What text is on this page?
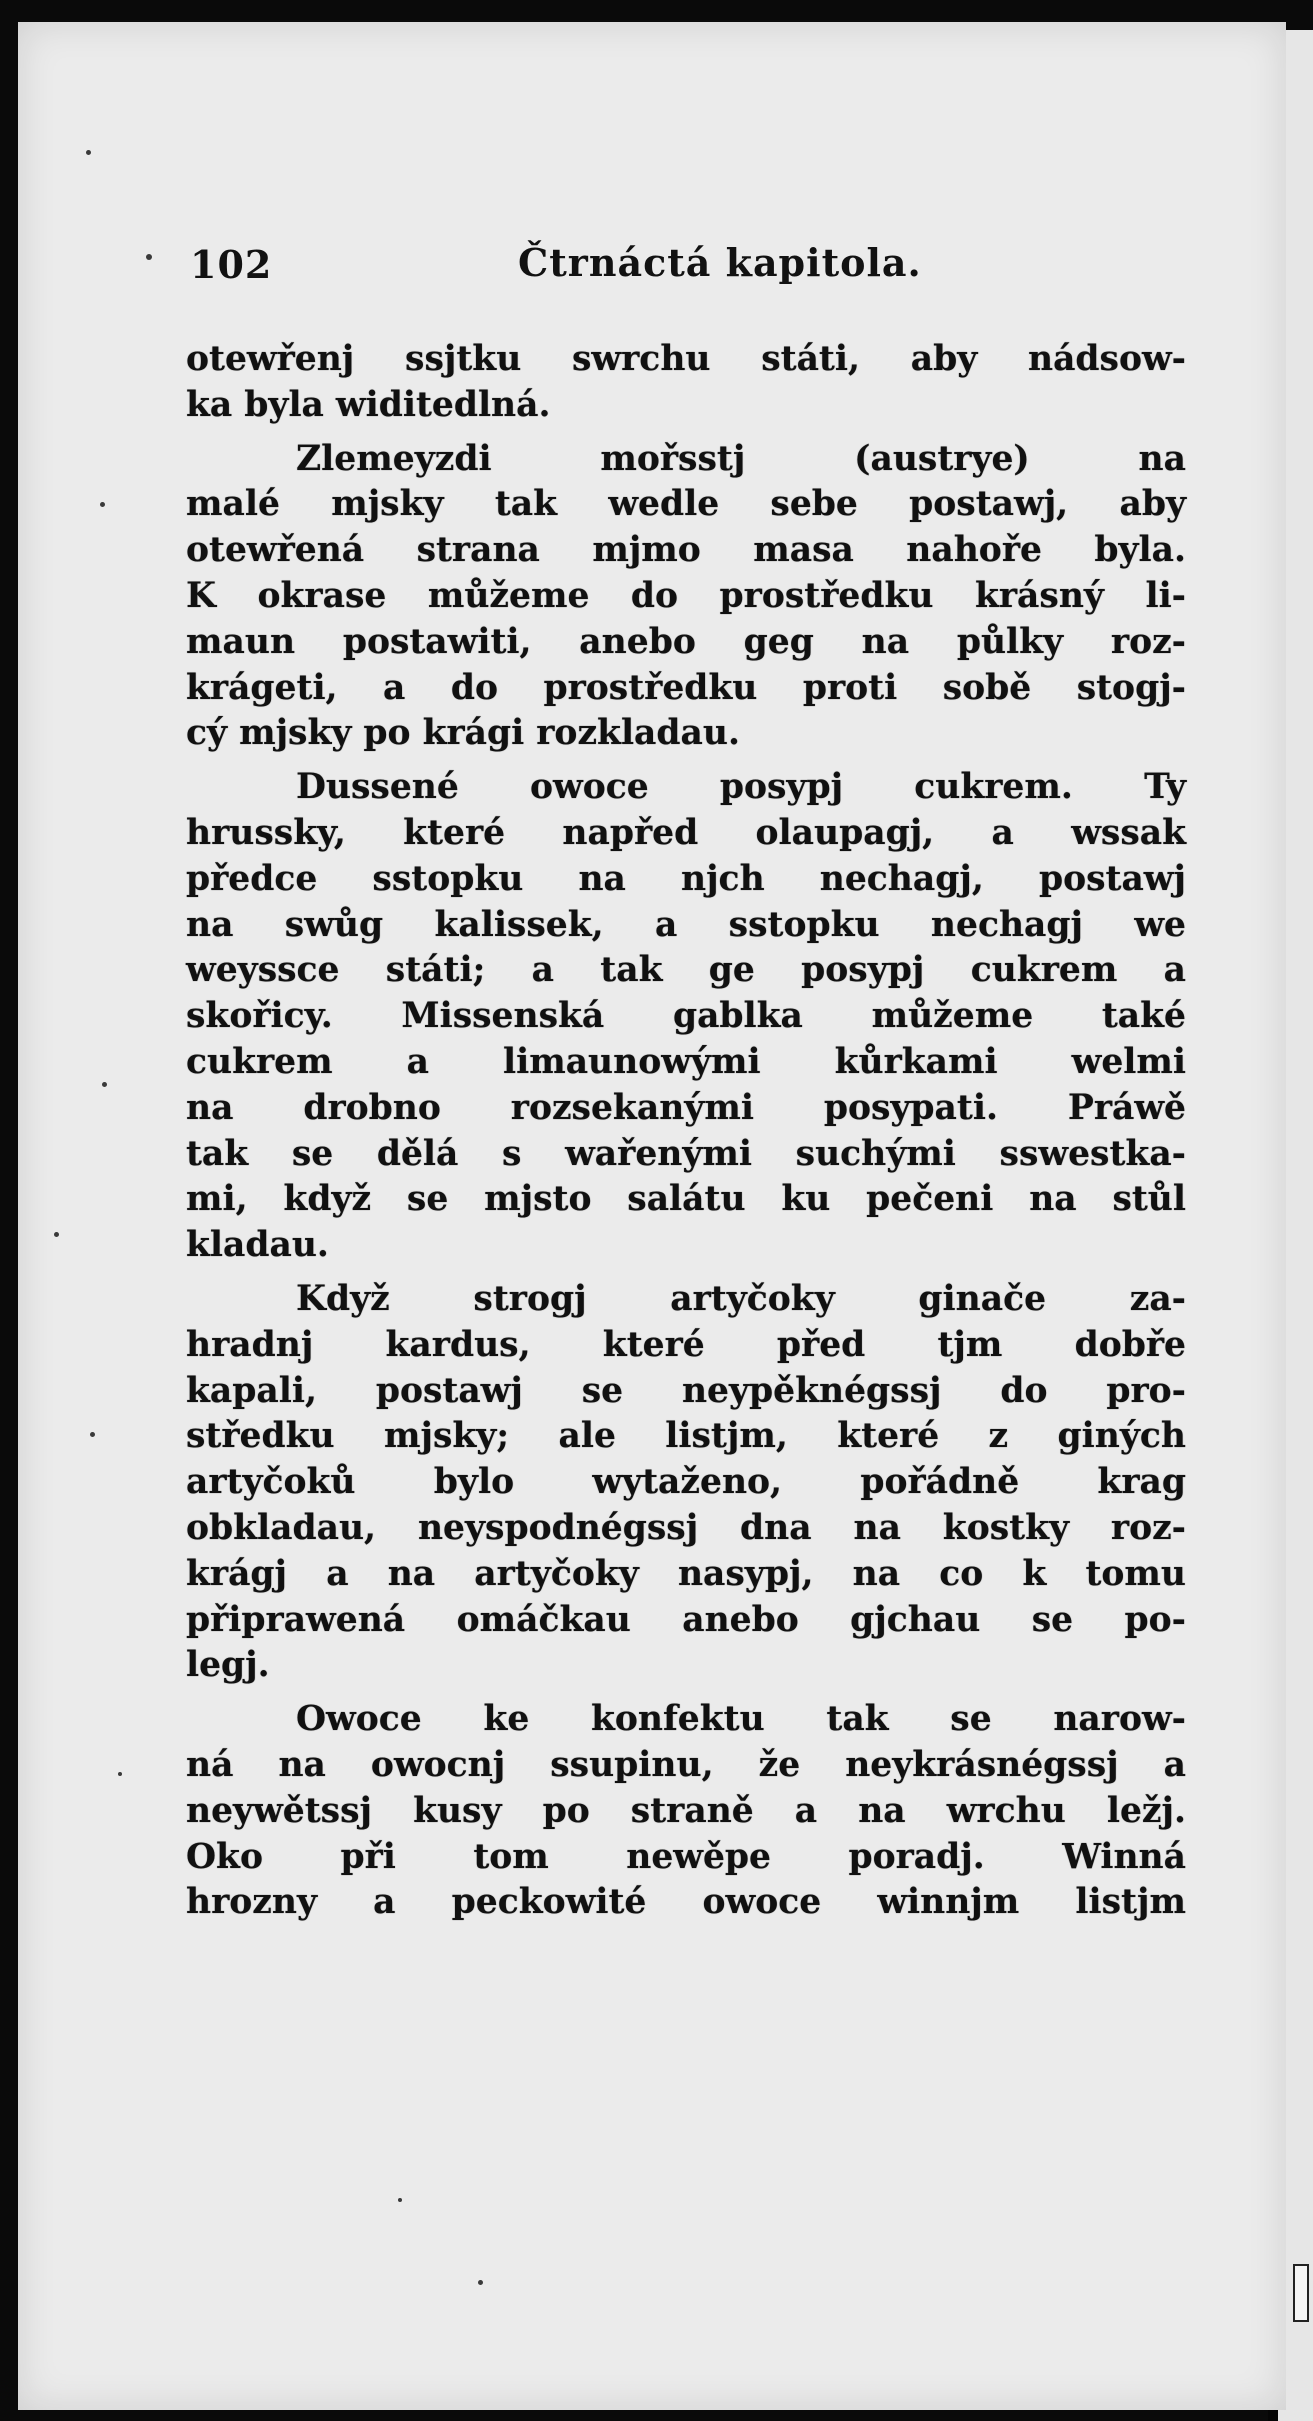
102	Čtrnáctá kapitola.
otewřenj ssjtku swrchu státi, aby nádsow-
ka byla widitedlná.
Zlemeyzdi mořsstj (austrye) na
malé mjsky tak wedle sebe postawj, aby
otewřená strana mjmo masa nahoře byla.
K okrase můžeme do prostředku krásný li-
maun postawiti, anebo geg na půlky roz-
krágeti, a do prostředku proti sobě stogj-
cý mjsky po krági rozkladau.
Dussené owoce posypj cukrem. Ty
hrussky, které napřed olaupagj, a wssak
předce sstopku na njch nechagj, postawj
na swůg kalissek, a sstopku nechagj we
weyssce státi; a tak ge posypj cukrem a
skořicy. Missenská gablka můžeme také
cukrem a limaunowými kůrkami welmi
na drobno rozsekanými posypati. Práwě
tak se dělá s wařenými suchými sswestka-
mi, když se mjsto salátu ku pečeni na stůl
kladau.
Když strogj artyčoky ginače za-
hradnj kardus, které před tjm dobře
kapali, postawj se neypěknégssj do pro-
středku mjsky; ale listjm, které z giných
artyčoků bylo wytaženo, pořádně krag
obkladau, neyspodnégssj dna na kostky roz-
krágj a na artyčoky nasypj, na co k tomu
připrawená omáčkau anebo gjchau se po-
legj.
Owoce ke konfektu tak se narow-
ná na owocnj ssupinu, že neykrásnégssj a
neywětssj kusy po straně a na wrchu ležj.
Oko při tom newěpe poradj. Winná
hrozny a peckowité owoce winnjm listjm
